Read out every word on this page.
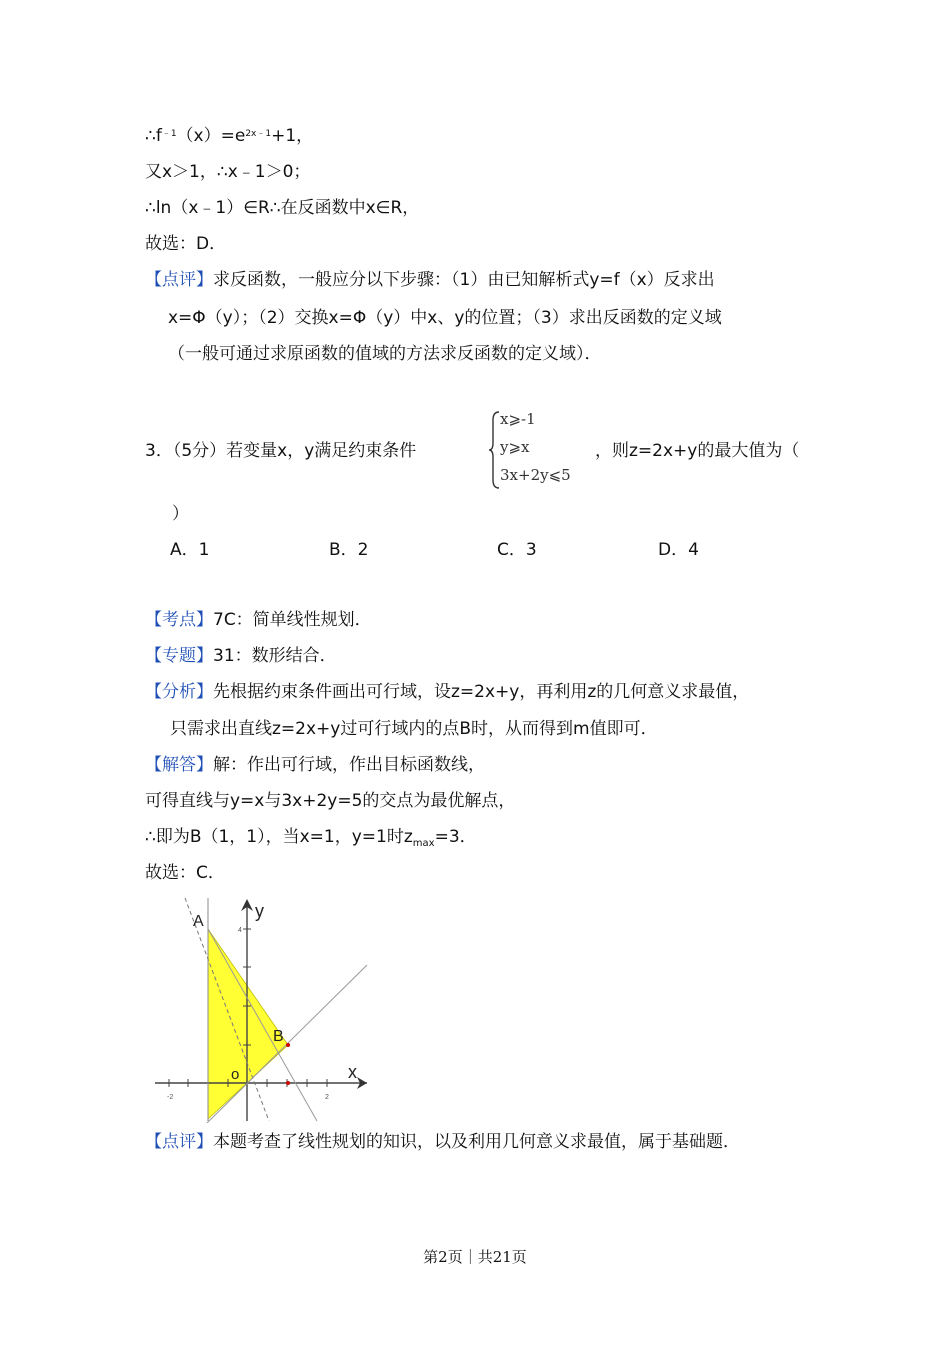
$\therefore f^{﹣1}(x)=e^{2x﹣1}+1$，
又x＞1，∴x﹣1＞0；
∴ln（x﹣1）∈R∴在反函数中x∈R，
故选：D．
【点评】求反函数，一般应分以下步骤：（1）由已知解析式y=f（x）反求出
x=Φ（y）；（2）交换x=Φ（y）中x、y的位置；（3）求出反函数的定义域
（一般可通过求原函数的值域的方法求反函数的定义域）．
3．（5分）若变量x，y满足约束条件
x⩾-1
y⩾x
3x+2y⩽5
，则z=2x+y的最大值为（
）
A．1	B．2	C．3	D．4
【考点】7C：简单线性规划．
【专题】31：数形结合．
【分析】先根据约束条件画出可行域，设z=2x+y，再利用z的几何意义求最值，
只需求出直线z=2x+y过可行域内的点B时，从而得到m值即可．
【解答】解：作出可行域，作出目标函数线，
可得直线与y=x与3x+2y=5的交点为最优解点，
∴即为B（1，1），当x=1，y=1时$z_{max}=3$．
故选：C．
A
B
o	x
y
-2	2
4
【点评】本题考查了线性规划的知识，以及利用几何意义求最值，属于基础题．
第2页｜共21页
